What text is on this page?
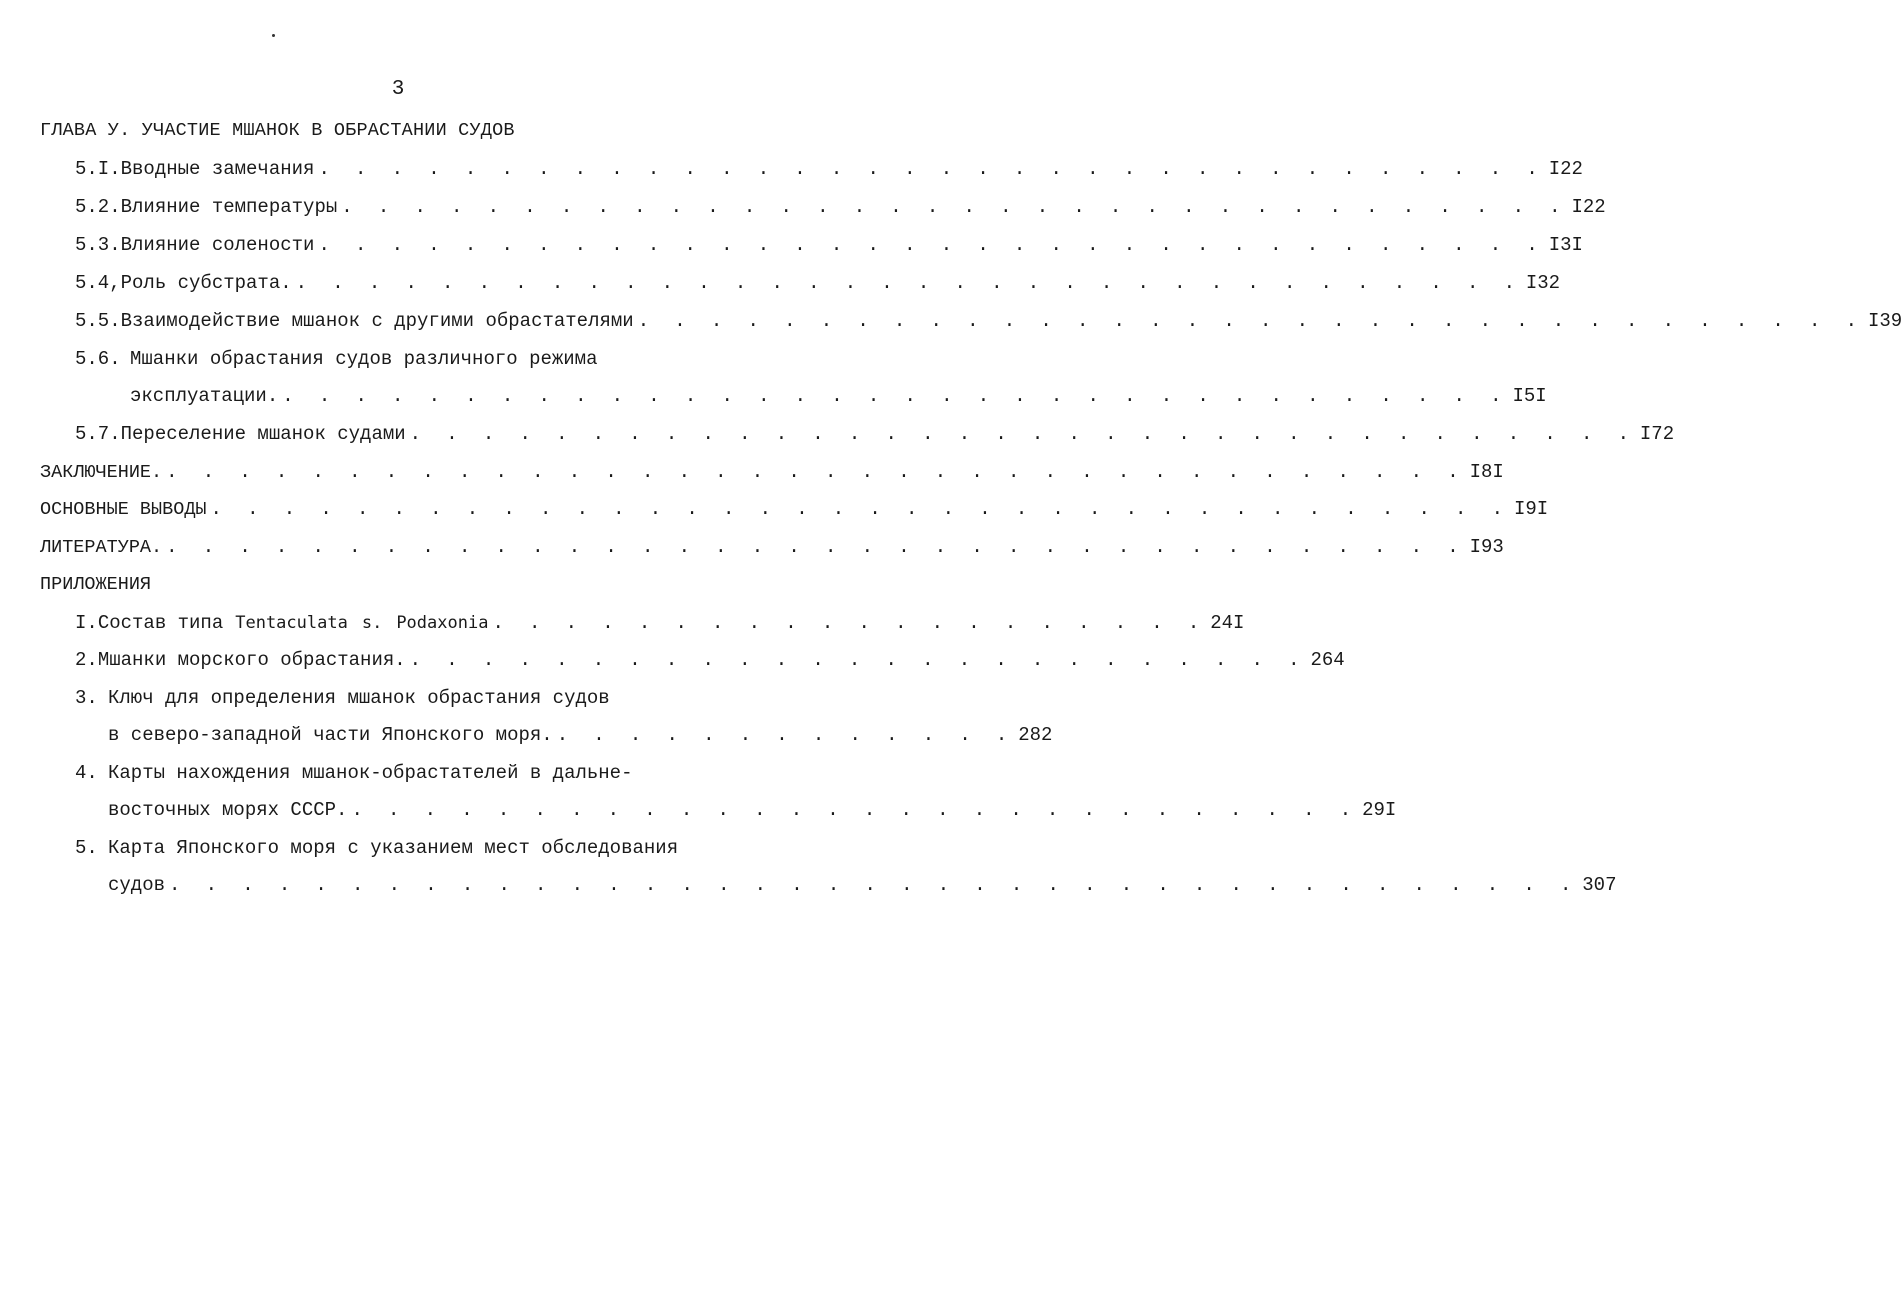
3
ГЛАВА У. УЧАСТИЕ МШАНОК В ОБРАСТАНИИ СУДОВ
5.I. Вводные замечания . . . . . . . . . . . . . . . . . . . . . . . . . . . . . . . . . . I22
5.2. Влияние температуры . . . . . . . . . . . . . . . . . . . . . . . . . . . . . . . . . . I22
5.3. Влияние солености . . . . . . . . . . . . . . . . . . . . . . . . . . . . . . . . . . I3I
5.4, Роль субстрата. . . . . . . . . . . . . . . . . . . . . . . . . . . . . . . . . . . I32
5.5. Взаимодействие мшанок с другими обрастателями . . . . . . . . . . . . . . . . . . . . . . . . . . . . . . . . . . I39
5.6. Мшанки обрастания судов различного режима
эксплуатации. . . . . . . . . . . . . . . . . . . . . . . . . . . . . . . . . . . I5I
5.7. Переселение мшанок судами . . . . . . . . . . . . . . . . . . . . . . . . . . . . . . . . . . I72
ЗАКЛЮЧЕНИЕ. . . . . . . . . . . . . . . . . . . . . . . . . . . . . . . . . . . . . I8I
ОСНОВНЫЕ ВЫВОДЫ . . . . . . . . . . . . . . . . . . . . . . . . . . . . . . . . . . . . I9I
ЛИТЕРАТУРА. . . . . . . . . . . . . . . . . . . . . . . . . . . . . . . . . . . . . I93
ПРИЛОЖЕНИЯ
I. Состав типа Tentaculata s. Podaxonia . . . . . . . . . . . . . . . . . . . . 24I
2. Мшанки морского обрастания. . . . . . . . . . . . . . . . . . . . . . . . . . 264
3. Ключ для определения мшанок обрастания судов
в северо-западной части Японского моря. . . . . . . . . . . . . . 282
4. Карты нахождения мшанок-обрастателей в дальне-
восточных морях СССР. . . . . . . . . . . . . . . . . . . . . . . . . . . . . 29I
5. Карта Японского моря с указанием мест обследования
судов . . . . . . . . . . . . . . . . . . . . . . . . . . . . . . . . . . . . . . . 307
